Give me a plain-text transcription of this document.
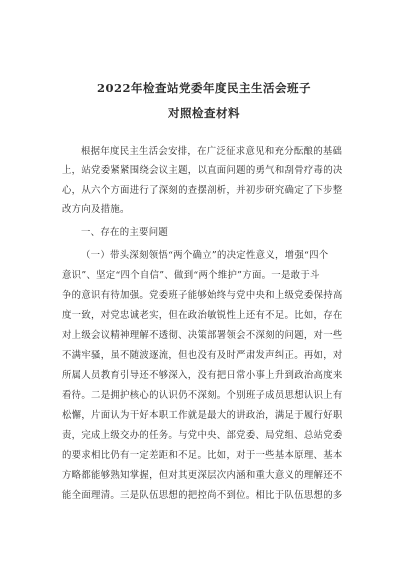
2022年检查站党委年度民主生活会班子
对照检查材料
根据年度民主生活会安排，在广泛征求意见和充分酝酿的基础
上，站党委紧紧围绕会议主题，以直面问题的勇气和刮骨疗毒的决
心，从六个方面进行了深刻的查摆剖析，并初步研究确定了下步整
改方向及措施。
一、存在的主要问题
（一）带头深刻领悟“两个确立”的决定性意义，增强“四个
意识”、坚定“四个自信”、做到“两个维护”方面。一是敢于斗
争的意识有待加强。党委班子能够始终与党中央和上级党委保持高
度一致，对党忠诚老实，但在政治敏锐性上还有不足。比如，存在
对上级会议精神理解不透彻、决策部署领会不深刻的问题，对一些
不满牢骚，虽不随波逐流，但也没有及时严肃发声纠正。再如，对
所属人员教育引导还不够深入，没有把日常小事上升到政治高度来
看待。二是拥护核心的认识仍不深刻。个别班子成员思想认识上有
松懈，片面认为干好本职工作就是最大的讲政治，满足于履行好职
责，完成上级交办的任务。与党中央、部党委、局党组、总站党委
的要求相比仍有一定差距和不足。比如，对于一些基本原理、基本
方略都能够熟知掌握，但对其更深层次内涵和重大意义的理解还不
能全面理清。三是队伍思想的把控尚不到位。相比于队伍思想的多
